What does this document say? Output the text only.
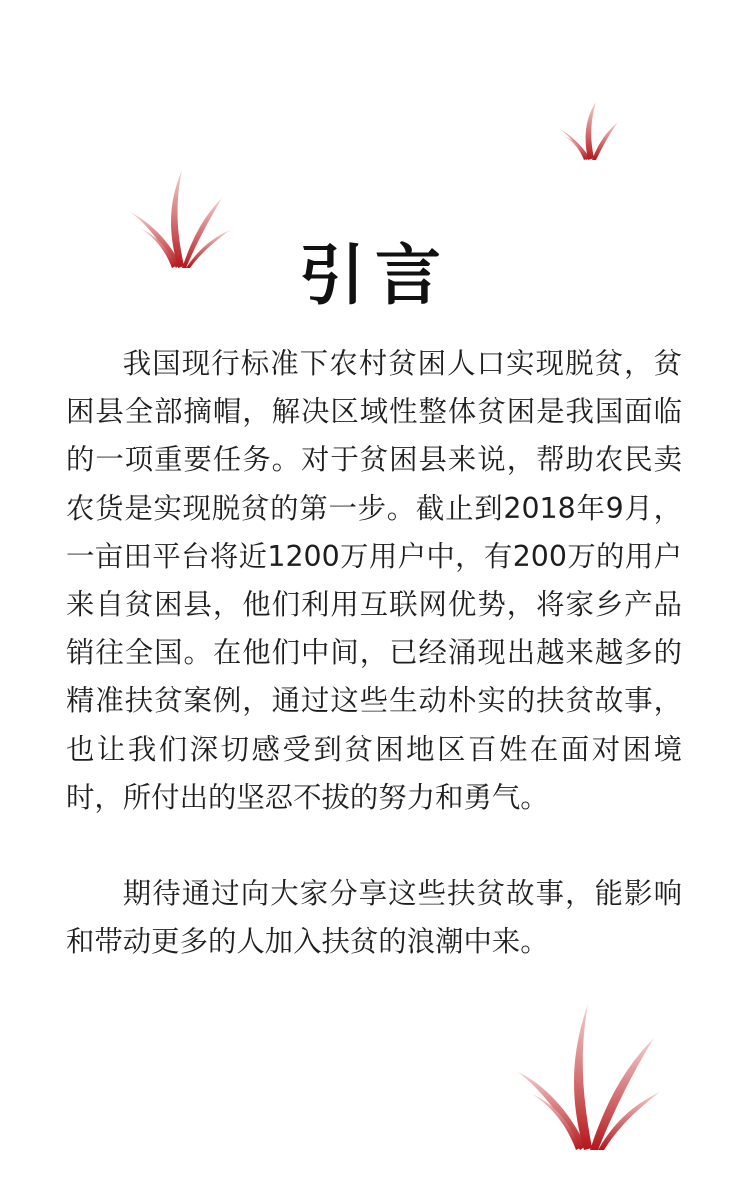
引言

我国现行标准下农村贫困人口实现脱贫，贫困县全部摘帽，解决区域性整体贫困是我国面临的一项重要任务。对于贫困县来说，帮助农民卖农货是实现脱贫的第一步。截止到2018年9月，一亩田平台将近1200万用户中，有200万的用户来自贫困县，他们利用互联网优势，将家乡产品销往全国。在他们中间，已经涌现出越来越多的精准扶贫案例，通过这些生动朴实的扶贫故事，也让我们深切感受到贫困地区百姓在面对困境时，所付出的坚忍不拔的努力和勇气。

期待通过向大家分享这些扶贫故事，能影响和带动更多的人加入扶贫的浪潮中来。
